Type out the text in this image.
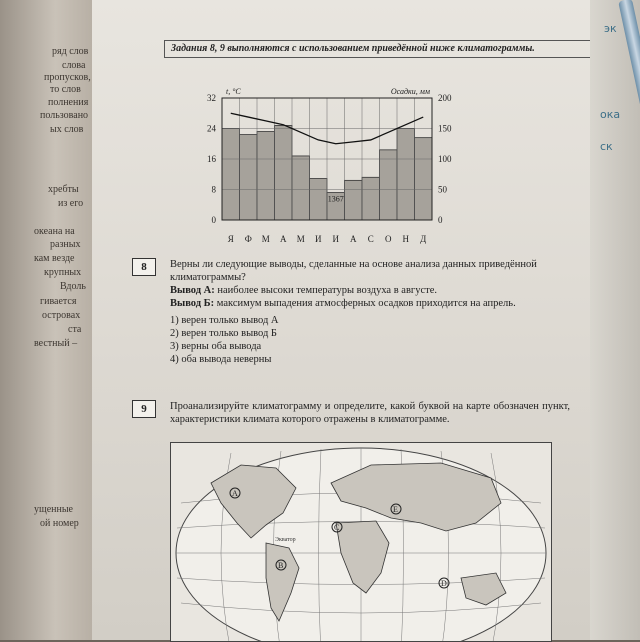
ряд слов
слова
пропусков,
то слов
полнения
пользовано
ых слов
хребты
из его
океана на
разных
кам везде
крупных
Вдоль
гивается
островах
ста
вестный –
ущенные
ой номер
Задания 8, 9 выполняются с использованием приведённой ниже климатограммы.
0
8
16
24
32
0
50
100
150
200
t, °C	Осадки, мм
Я Ф М А М И И А С О Н Д
1367
8	Верны ли следующие выводы, сделанные на основе анализа данных приведённой климатограммы?
Вывод А: наиболее высоки температуры воздуха в августе.
Вывод Б: максимум выпадения атмосферных осадков приходится на апрель.
1) верен только вывод А
2) верен только вывод Б
3) верны оба вывода
4) оба вывода неверны
9	Проанализируйте климатограмму и определите, какой буквой на карте обозначен пункт, характеристики климата которого отражены в климатограмме.
Экватор
A
B
C
D
E
эк
ока
ск
